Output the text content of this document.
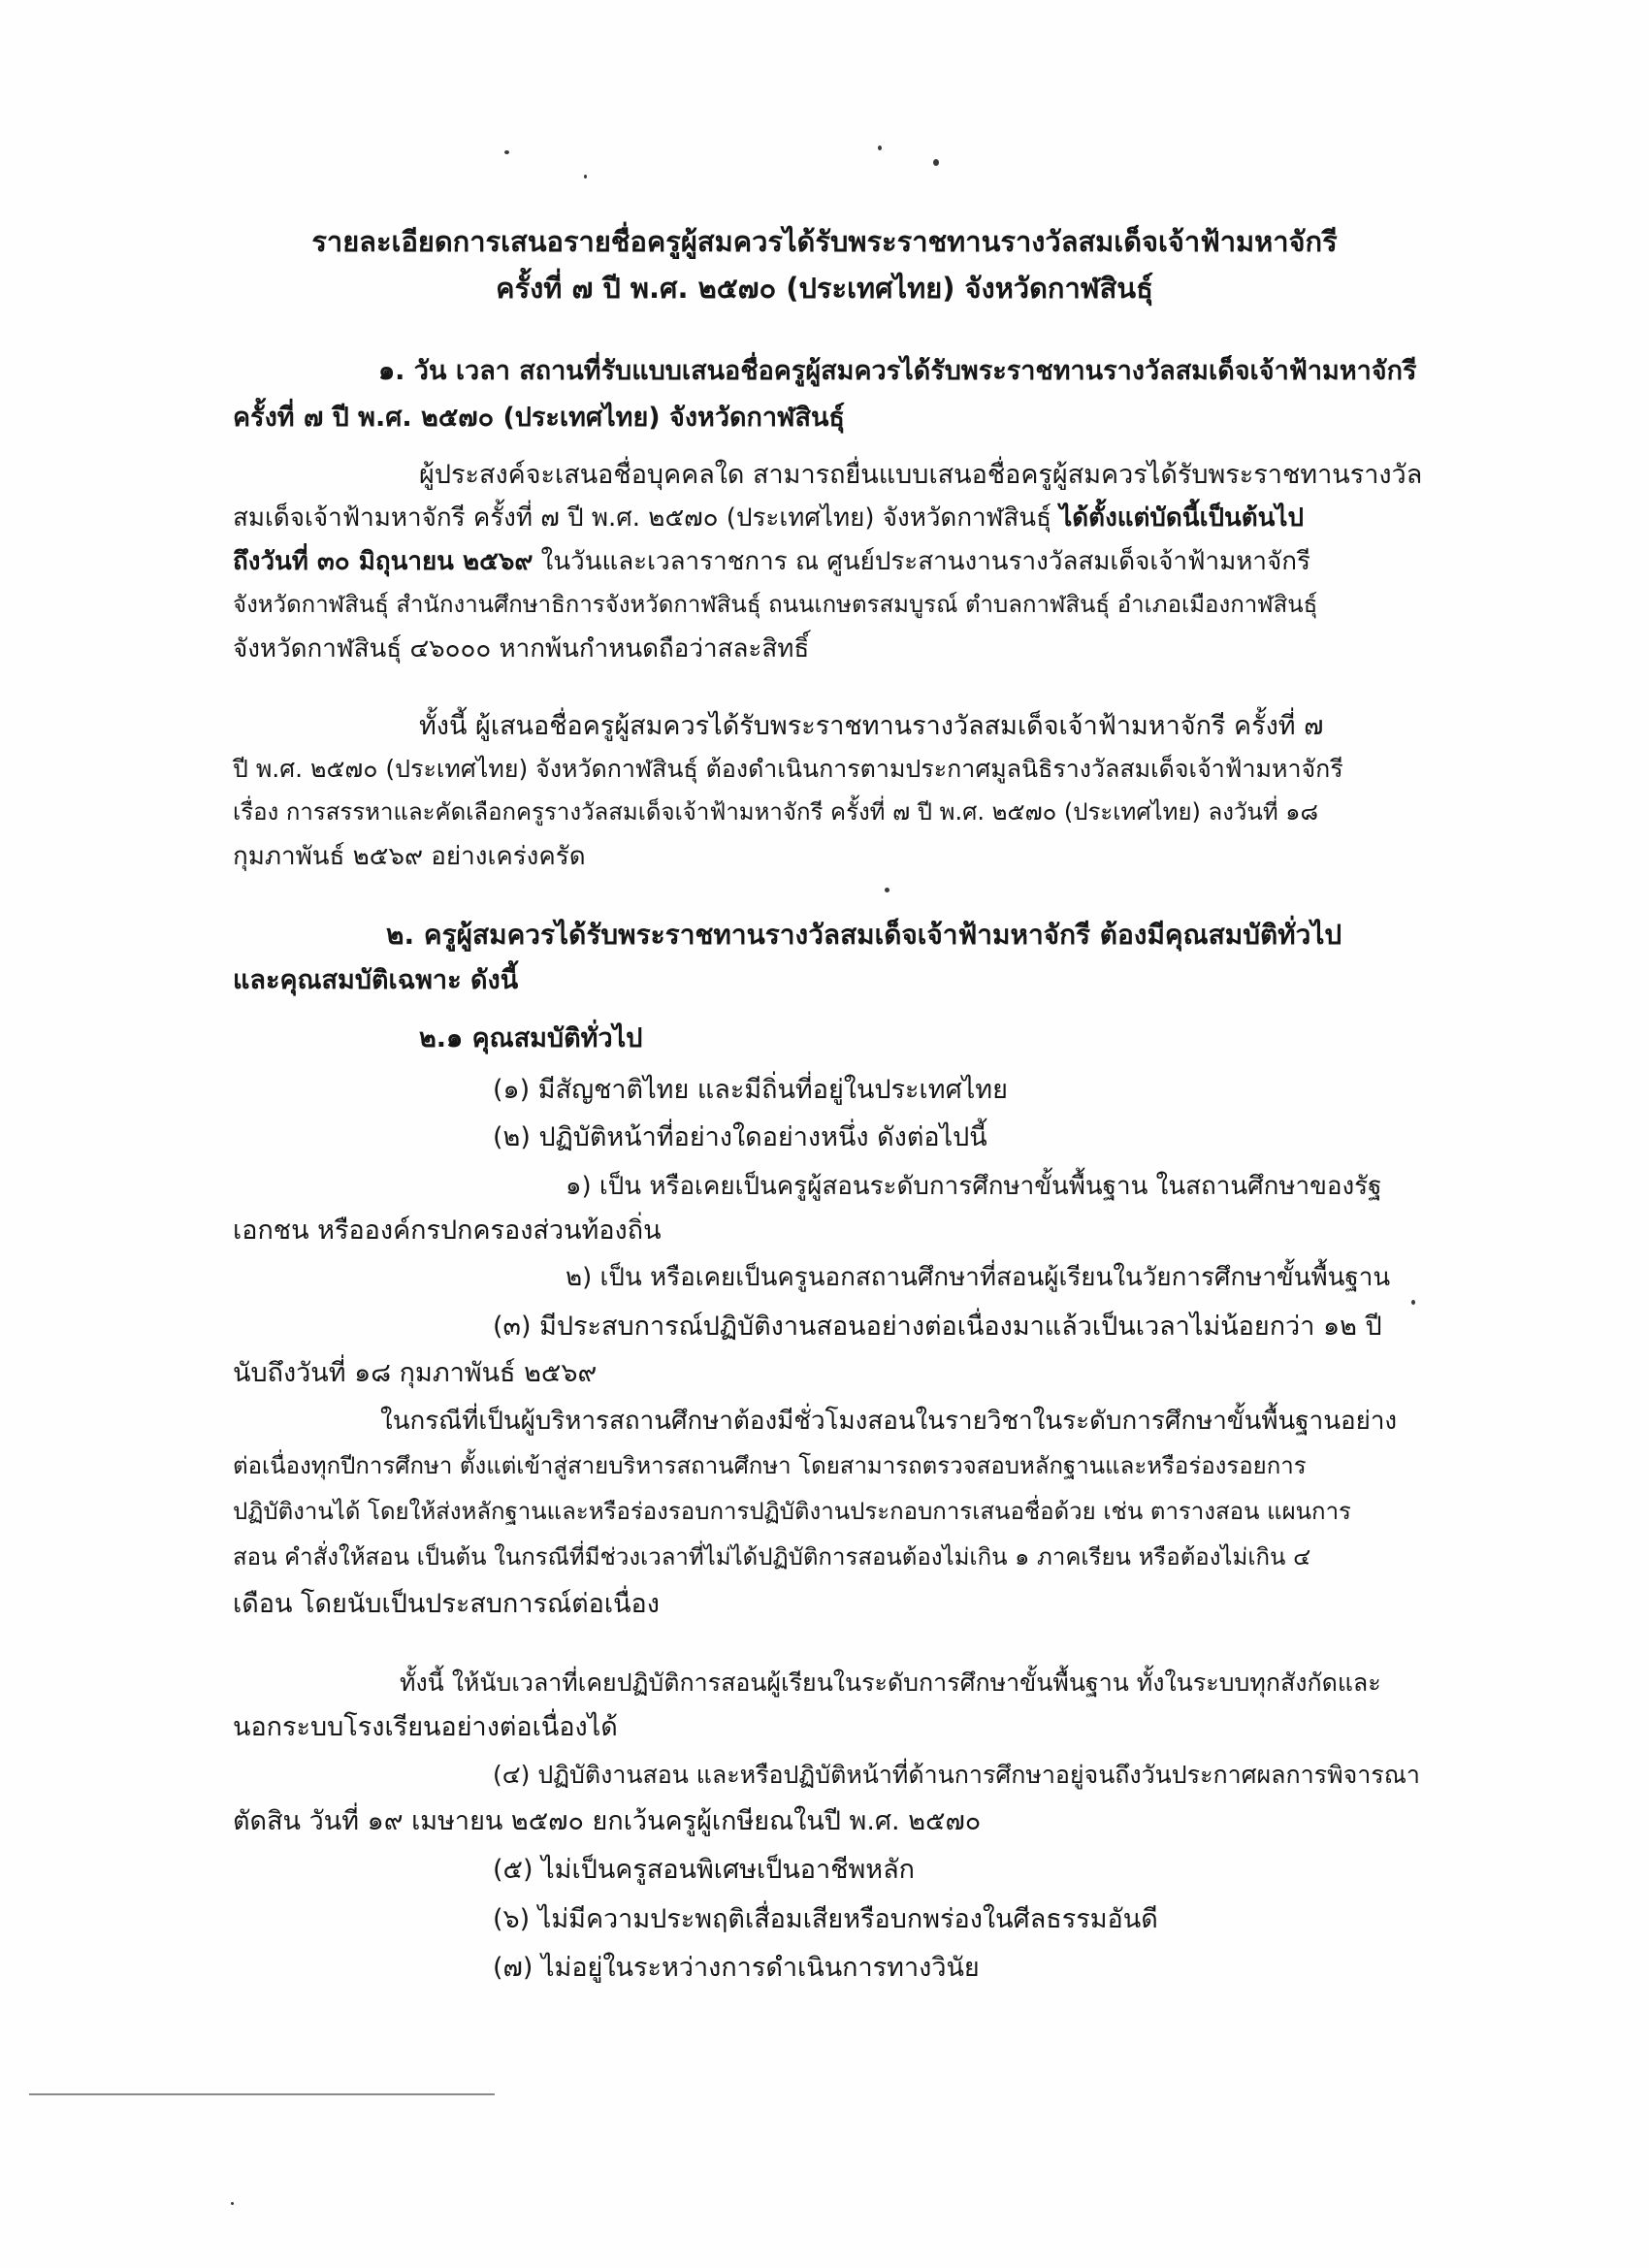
รายละเอียดการเสนอรายชื่อครูผู้สมควรได้รับพระราชทานรางวัลสมเด็จเจ้าฟ้ามหาจักรี
ครั้งที่ ๗ ปี พ.ศ. ๒๕๗๐ (ประเทศไทย) จังหวัดกาฬสินธุ์
๑. วัน เวลา สถานที่รับแบบเสนอชื่อครูผู้สมควรได้รับพระราชทานรางวัลสมเด็จเจ้าฟ้ามหาจักรี
ครั้งที่ ๗ ปี พ.ศ. ๒๕๗๐ (ประเทศไทย) จังหวัดกาฬสินธุ์
ผู้ประสงค์จะเสนอชื่อบุคคลใด สามารถยื่นแบบเสนอชื่อครูผู้สมควรได้รับพระราชทานรางวัล
สมเด็จเจ้าฟ้ามหาจักรี ครั้งที่ ๗ ปี พ.ศ. ๒๕๗๐ (ประเทศไทย) จังหวัดกาฬสินธุ์ ได้ตั้งแต่บัดนี้เป็นต้นไป
ถึงวันที่ ๓๐ มิถุนายน ๒๕๖๙ ในวันและเวลาราชการ ณ ศูนย์ประสานงานรางวัลสมเด็จเจ้าฟ้ามหาจักรี
จังหวัดกาฬสินธุ์ สำนักงานศึกษาธิการจังหวัดกาฬสินธุ์ ถนนเกษตรสมบูรณ์ ตำบลกาฬสินธุ์ อำเภอเมืองกาฬสินธุ์
จังหวัดกาฬสินธุ์ ๔๖๐๐๐ หากพ้นกำหนดถือว่าสละสิทธิ์
ทั้งนี้ ผู้เสนอชื่อครูผู้สมควรได้รับพระราชทานรางวัลสมเด็จเจ้าฟ้ามหาจักรี ครั้งที่ ๗
ปี พ.ศ. ๒๕๗๐ (ประเทศไทย) จังหวัดกาฬสินธุ์ ต้องดำเนินการตามประกาศมูลนิธิรางวัลสมเด็จเจ้าฟ้ามหาจักรี
เรื่อง การสรรหาและคัดเลือกครูรางวัลสมเด็จเจ้าฟ้ามหาจักรี ครั้งที่ ๗ ปี พ.ศ. ๒๕๗๐ (ประเทศไทย) ลงวันที่ ๑๘
กุมภาพันธ์ ๒๕๖๙ อย่างเคร่งครัด
๒. ครูผู้สมควรได้รับพระราชทานรางวัลสมเด็จเจ้าฟ้ามหาจักรี ต้องมีคุณสมบัติทั่วไป
และคุณสมบัติเฉพาะ ดังนี้
๒.๑ คุณสมบัติทั่วไป
(๑) มีสัญชาติไทย และมีถิ่นที่อยู่ในประเทศไทย
(๒) ปฏิบัติหน้าที่อย่างใดอย่างหนึ่ง ดังต่อไปนี้
๑) เป็น หรือเคยเป็นครูผู้สอนระดับการศึกษาขั้นพื้นฐาน ในสถานศึกษาของรัฐ
เอกชน หรือองค์กรปกครองส่วนท้องถิ่น
๒) เป็น หรือเคยเป็นครูนอกสถานศึกษาที่สอนผู้เรียนในวัยการศึกษาขั้นพื้นฐาน
(๓) มีประสบการณ์ปฏิบัติงานสอนอย่างต่อเนื่องมาแล้วเป็นเวลาไม่น้อยกว่า ๑๒ ปี
นับถึงวันที่ ๑๘ กุมภาพันธ์ ๒๕๖๙
ในกรณีที่เป็นผู้บริหารสถานศึกษาต้องมีชั่วโมงสอนในรายวิชาในระดับการศึกษาขั้นพื้นฐานอย่าง
ต่อเนื่องทุกปีการศึกษา ตั้งแต่เข้าสู่สายบริหารสถานศึกษา โดยสามารถตรวจสอบหลักฐานและหรือร่องรอยการ
ปฏิบัติงานได้ โดยให้ส่งหลักฐานและหรือร่องรอบการปฏิบัติงานประกอบการเสนอชื่อด้วย เช่น ตารางสอน แผนการ
สอน คำสั่งให้สอน เป็นต้น ในกรณีที่มีช่วงเวลาที่ไม่ได้ปฏิบัติการสอนต้องไม่เกิน ๑ ภาคเรียน หรือต้องไม่เกิน ๔
เดือน โดยนับเป็นประสบการณ์ต่อเนื่อง
ทั้งนี้ ให้นับเวลาที่เคยปฏิบัติการสอนผู้เรียนในระดับการศึกษาขั้นพื้นฐาน ทั้งในระบบทุกสังกัดและ
นอกระบบโรงเรียนอย่างต่อเนื่องได้
(๔) ปฏิบัติงานสอน และหรือปฏิบัติหน้าที่ด้านการศึกษาอยู่จนถึงวันประกาศผลการพิจารณา
ตัดสิน วันที่ ๑๙ เมษายน ๒๕๗๐ ยกเว้นครูผู้เกษียณในปี พ.ศ. ๒๕๗๐
(๕) ไม่เป็นครูสอนพิเศษเป็นอาชีพหลัก
(๖) ไม่มีความประพฤติเสื่อมเสียหรือบกพร่องในศีลธรรมอันดี
(๗) ไม่อยู่ในระหว่างการดำเนินการทางวินัย
